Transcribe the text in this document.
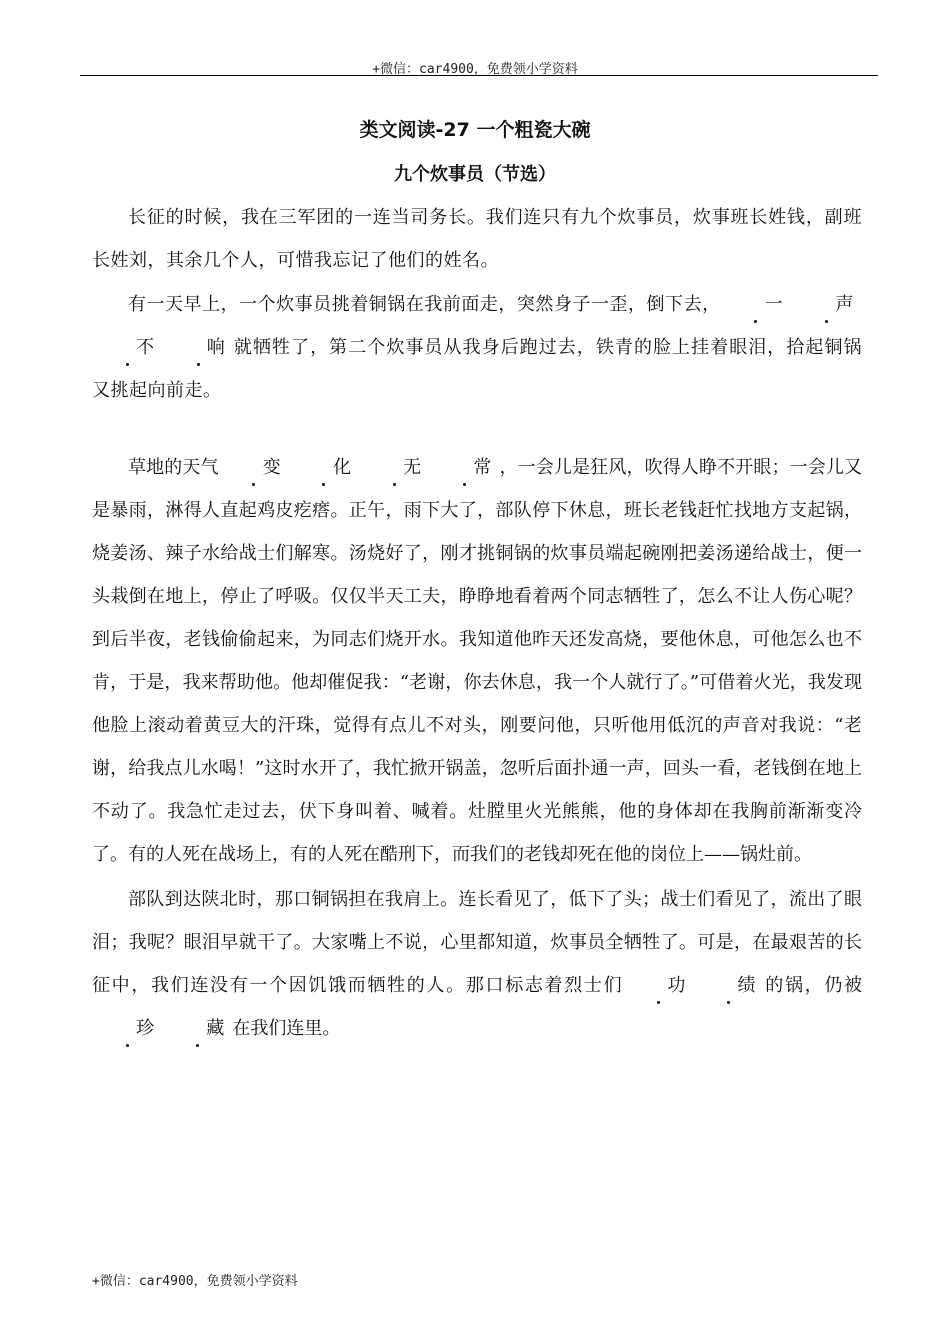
+微信：car4900，免费领小学资料
类文阅读-27 一个粗瓷大碗
九个炊事员（节选）

长征的时候，我在三军团的一连当司务长。我们连只有九个炊事员，炊事班长姓钱，副班长姓刘，其余几个人，可惜我忘记了他们的姓名。

有一天早上，一个炊事员挑着铜锅在我前面走，突然身子一歪，倒下去， 一	声不	响 就牺牲了，第二个炊事员从我身后跑过去，铁青的脸上挂着眼泪，拾起铜锅又挑起向前走。

草地的天气 变	化	无	常 ，一会儿是狂风，吹得人睁不开眼；一会儿又是暴雨，淋得人直起鸡皮疙瘩。正午，雨下大了，部队停下休息，班长老钱赶忙找地方支起锅，烧姜汤、辣子水给战士们解寒。汤烧好了，刚才挑铜锅的炊事员端起碗刚把姜汤递给战士，便一头栽倒在地上，停止了呼吸。仅仅半天工夫，睁睁地看着两个同志牺牲了，怎么不让人伤心呢？到后半夜，老钱偷偷起来，为同志们烧开水。我知道他昨天还发高烧，要他休息，可他怎么也不肯，于是，我来帮助他。他却催促我：“老谢，你去休息，我一个人就行了。”可借着火光，我发现他脸上滚动着黄豆大的汗珠，觉得有点儿不对头，刚要问他，只听他用低沉的声音对我说：“老谢，给我点儿水喝！”这时水开了，我忙掀开锅盖，忽听后面扑通一声，回头一看，老钱倒在地上不动了。我急忙走过去，伏下身叫着、喊着。灶膛里火光熊熊，他的身体却在我胸前渐渐变冷了。有的人死在战场上，有的人死在酷刑下，而我们的老钱却死在他的岗位上——锅灶前。

部队到达陕北时，那口铜锅担在我肩上。连长看见了，低下了头；战士们看见了，流出了眼泪；我呢？眼泪早就干了。大家嘴上不说，心里都知道，炊事员全牺牲了。可是，在最艰苦的长征中，我们连没有一个因饥饿而牺牲的人。那口标志着烈士们 功	绩 的锅，仍被珍	藏 在我们连里。

+微信：car4900，免费领小学资料
